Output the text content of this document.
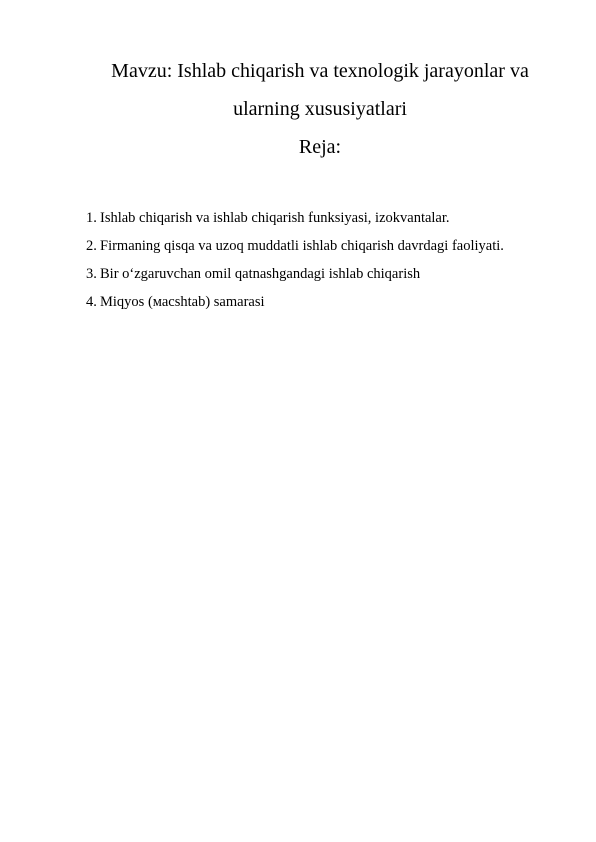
Mavzu: Ishlab chiqarish va texnologik jarayonlar va

ularning xususiyatlari

Reja:

1. Ishlab chiqarish va ishlab chiqarish funksiyasi, izokvantalar.
2. Firmaning qisqa va uzoq muddatli ishlab chiqarish davrdagi faoliyati.
3. Bir o‘zgaruvchan omil qatnashgandagi ishlab chiqarish
4. Miqyos (масshtab) samarasi
